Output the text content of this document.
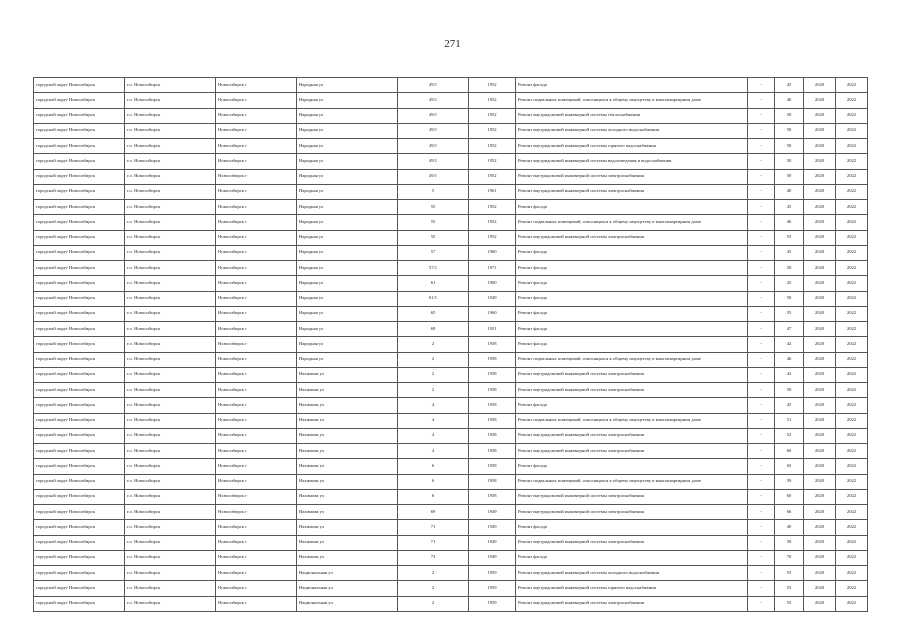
271
городской округ Новосибирск	г.о. Новосибирск	Новосибирск г	Народная ул	49/1	1952	Ремонт фасада	-	45	2020	2022
городской округ Новосибирск	г.о. Новосибирск	Новосибирск г	Народная ул	49/1	1952	Ремонт подвальных помещений, относящихся к общему имуществу в многоквартирном доме	-	46	2020	2022
городской округ Новосибирск	г.о. Новосибирск	Новосибирск г	Народная ул	49/1	1952	Ремонт внутридомовой инженерной системы теплоснабжения	-	50	2020	2022
городской округ Новосибирск	г.о. Новосибирск	Новосибирск г	Народная ул	49/1	1952	Ремонт внутридомовой инженерной системы холодного водоснабжения	-	50	2020	2022
городской округ Новосибирск	г.о. Новосибирск	Новосибирск г	Народная ул	49/1	1952	Ремонт внутридомовой инженерной системы горячего водоснабжения	-	50	2020	2022
городской округ Новосибирск	г.о. Новосибирск	Новосибирск г	Народная ул	49/1	1952	Ремонт внутридомовой инженерной системы водоотведения и водоснабжения	-	50	2020	2022
городской округ Новосибирск	г.о. Новосибирск	Новосибирск г	Народная ул	49/1	1952	Ремонт внутридомовой инженерной системы электроснабжения	-	50	2020	2022
городской округ Новосибирск	г.о. Новосибирск	Новосибирск г	Народная ул	5	1961	Ремонт внутридомовой инженерной системы электроснабжения	-	40	2020	2022
городской округ Новосибирск	г.о. Новосибирск	Новосибирск г	Народная ул	55	1952	Ремонт фасада	-	45	2020	2022
городской округ Новосибирск	г.о. Новосибирск	Новосибирск г	Народная ул	55	1952	Ремонт подвальных помещений, относящихся к общему имуществу в многоквартирном доме	-	46	2020	2022
городской округ Новосибирск	г.о. Новосибирск	Новосибирск г	Народная ул	55	1952	Ремонт внутридомовой инженерной системы электроснабжения	-	55	2020	2022
городской округ Новосибирск	г.о. Новосибирск	Новосибирск г	Народная ул	57	1960	Ремонт фасада	-	45	2020	2022
городской округ Новосибирск	г.о. Новосибирск	Новосибирск г	Народная ул	57/1	1971	Ремонт фасада	-	50	2020	2022
городской округ Новосибирск	г.о. Новосибирск	Новосибирск г	Народная ул	61	1960	Ремонт фасада	-	45	2020	2022
городской округ Новосибирск	г.о. Новосибирск	Новосибирск г	Народная ул	61/1	1949	Ремонт фасада	-	50	2020	2022
городской округ Новосибирск	г.о. Новосибирск	Новосибирск г	Народная ул	65	1960	Ремонт фасада	-	55	2020	2022
городской округ Новосибирск	г.о. Новосибирск	Новосибирск г	Народная ул	69	1951	Ремонт фасада	-	47	2020	2022
городской округ Новосибирск	г.о. Новосибирск	Новосибирск г	Народная ул	2	1958	Ремонт фасада	-	42	2020	2022
городской округ Новосибирск	г.о. Новосибирск	Новосибирск г	Народная ул	2	1958	Ремонт подвальных помещений, относящихся к общему имуществу в многоквартирном доме	-	46	2020	2022
городской округ Новосибирск	г.о. Новосибирск	Новосибирск г	Нахимова ул	2	1958	Ремонт внутридомовой инженерной системы электроснабжения	-	42	2020	2022
городской округ Новосибирск	г.о. Новосибирск	Новосибирск г	Нахимова ул	2	1958	Ремонт внутридомовой инженерной системы электроснабжения	-	50	2020	2022
городской округ Новосибирск	г.о. Новосибирск	Новосибирск г	Нахимова ул	4	1958	Ремонт фасада	-	45	2020	2022
городской округ Новосибирск	г.о. Новосибирск	Новосибирск г	Нахимова ул	4	1958	Ремонт подвальных помещений, относящихся к общему имуществу в многоквартирном доме	-	51	2020	2022
городской округ Новосибирск	г.о. Новосибирск	Новосибирск г	Нахимова ул	4	1958	Ремонт внутридомовой инженерной системы электроснабжения	-	52	2020	2022
городской округ Новосибирск	г.о. Новосибирск	Новосибирск г	Нахимова ул	4	1958	Ремонт внутридомовой инженерной системы электроснабжения	-	60	2020	2022
городской округ Новосибирск	г.о. Новосибирск	Новосибирск г	Нахимова ул	6	1958	Ремонт фасада	-	65	2020	2022
городской округ Новосибирск	г.о. Новосибирск	Новосибирск г	Нахимова ул	6	1958	Ремонт подвальных помещений, относящихся к общему имуществу в многоквартирном доме	-	59	2020	2022
городской округ Новосибирск	г.о. Новосибирск	Новосибирск г	Нахимова ул	6	1958	Ремонт внутридомовой инженерной системы электроснабжения	-	60	2020	2022
городской округ Новосибирск	г.о. Новосибирск	Новосибирск г	Нахимова ул	69	1949	Ремонт внутридомовой инженерной системы электроснабжения	-	66	2020	2022
городской округ Новосибирск	г.о. Новосибирск	Новосибирск г	Нахимова ул	71	1949	Ремонт фасада	-	40	2020	2022
городской округ Новосибирск	г.о. Новосибирск	Новосибирск г	Нахимова ул	71	1949	Ремонт внутридомовой инженерной системы электроснабжения	-	58	2020	2022
городской округ Новосибирск	г.о. Новосибирск	Новосибирск г	Нахимова ул	73	1949	Ремонт фасада	-	70	2020	2022
городской округ Новосибирск	г.о. Новосибирск	Новосибирск г	Национальная ул	2	1959	Ремонт внутридомовой инженерной системы холодного водоснабжения	-	55	2020	2022
городской округ Новосибирск	г.о. Новосибирск	Новосибирск г	Национальная ул	2	1959	Ремонт внутридомовой инженерной системы горячего водоснабжения	-	55	2020	2022
городской округ Новосибирск	г.о. Новосибирск	Новосибирск г	Национальная ул	2	1959	Ремонт внутридомовой инженерной системы электроснабжения	-	55	2020	2022
